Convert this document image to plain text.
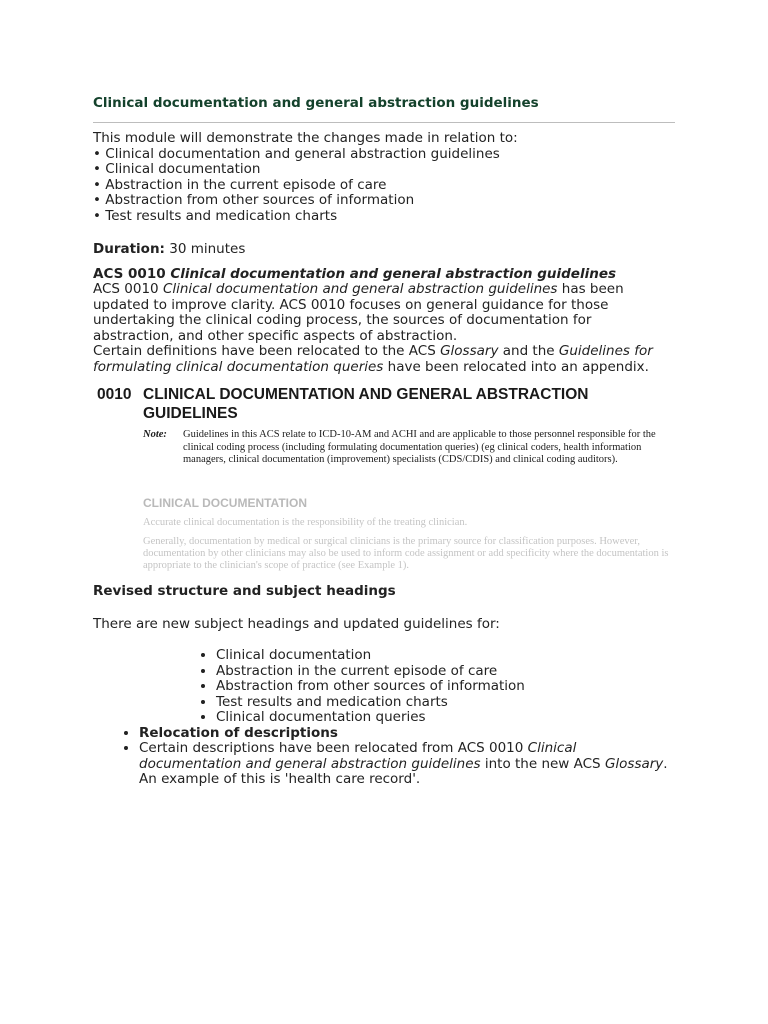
Clinical documentation and general abstraction guidelines

This module will demonstrate the changes made in relation to:

• Clinical documentation and general abstraction guidelines
• Clinical documentation
• Abstraction in the current episode of care
• Abstraction from other sources of information
• Test results and medication charts

Duration: 30 minutes

ACS 0010 Clinical documentation and general abstraction guidelines

ACS 0010 Clinical documentation and general abstraction guidelines has been updated to improve clarity. ACS 0010 focuses on general guidance for those undertaking the clinical coding process, the sources of documentation for abstraction, and other specific aspects of abstraction.

Certain definitions have been relocated to the ACS Glossary and the Guidelines for formulating clinical documentation queries have been relocated into an appendix.

0010 CLINICAL DOCUMENTATION AND GENERAL ABSTRACTION GUIDELINES
Note: Guidelines in this ACS relate to ICD-10-AM and ACHI and are applicable to those personnel responsible for the clinical coding process (including formulating documentation queries) (eg clinical coders, health information managers, clinical documentation (improvement) specialists (CDS/CDIS) and clinical coding auditors).
CLINICAL DOCUMENTATION
Accurate clinical documentation is the responsibility of the treating clinician.
Generally, documentation by medical or surgical clinicians is the primary source for classification purposes. However, documentation by other clinicians may also be used to inform code assignment or add specificity where the documentation is appropriate to the clinician's scope of practice (see Example 1).

Revised structure and subject headings

There are new subject headings and updated guidelines for:

• Clinical documentation
• Abstraction in the current episode of care
• Abstraction from other sources of information
• Test results and medication charts
• Clinical documentation queries
• Relocation of descriptions
• Certain descriptions have been relocated from ACS 0010 Clinical documentation and general abstraction guidelines into the new ACS Glossary. An example of this is 'health care record'.
